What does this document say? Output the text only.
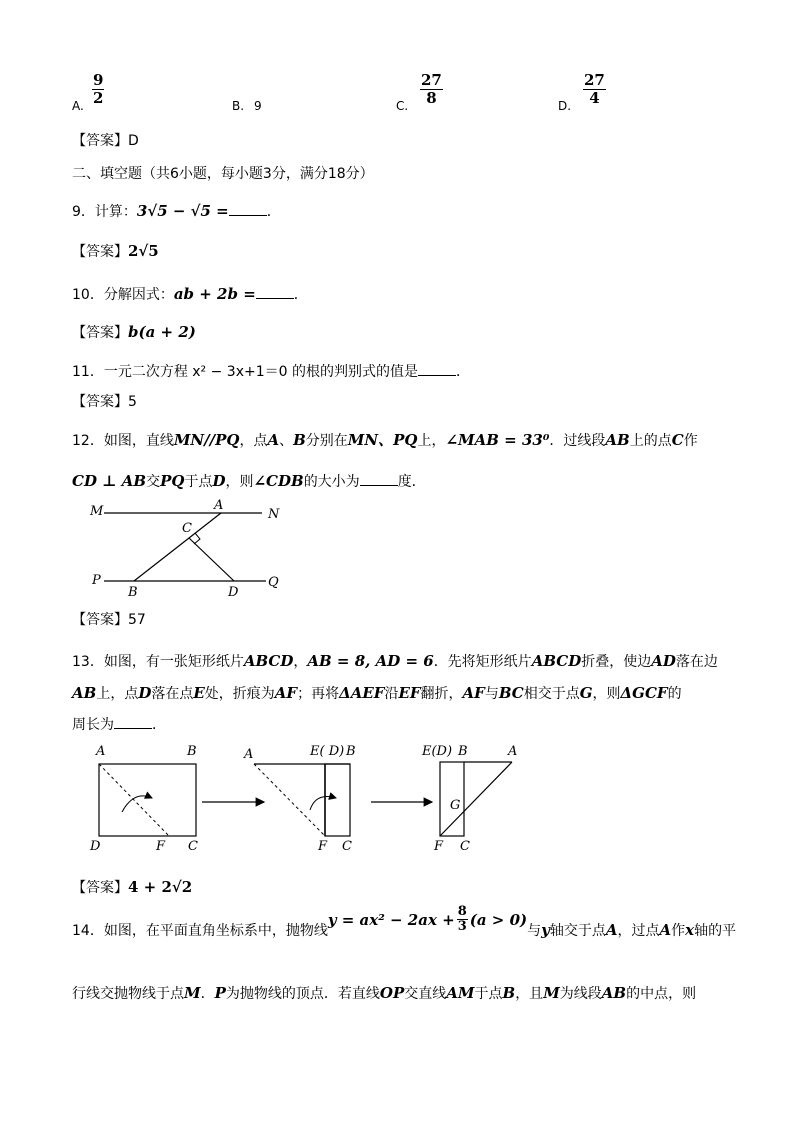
A. $\frac{9}{2}$	B. 9	C. $\frac{27}{8}$	D. $\frac{27}{4}$
【答案】D
二、填空题（共6小题，每小题3分，满分18分）
9．计算：3√5 − √5 =	．
【答案】2√5
10．分解因式：ab + 2b =	．
【答案】b(a + 2)
11．一元二次方程 x² − 3x+1＝0 的根的判别式的值是	．
【答案】5
12．如图，直线MN//PQ，点A、B分别在MN、PQ上，∠MAB = 33⁰．过线段AB上的点C作
CD ⊥ AB交PQ于点D，则∠CDB的大小为	度．
M	N
A
C
P	Q
B	D
【答案】57
13．如图，有一张矩形纸片ABCD，AB = 8, AD = 6．先将矩形纸片ABCD折叠，使边AD落在边
AB上，点D落在点E处，折痕为AF；再将ΔAEF沿EF翻折，AF与BC相交于点G，则ΔGCF的
周长为	．
A	B
D	F C
A	E( D) B
F C
E(D) B	A
G
F C
【答案】4 + 2√2
14．如图，在平面直角坐标系中，抛物线
$y = ax^2 - 2ax + \frac{8}{3} (a > 0)$
与 y 轴交于点 A ，过点 A 作 x 轴的平
行线交抛物线于点M．P为抛物线的顶点．若直线OP交直线AM于点B，且M为线段AB的中点，则
